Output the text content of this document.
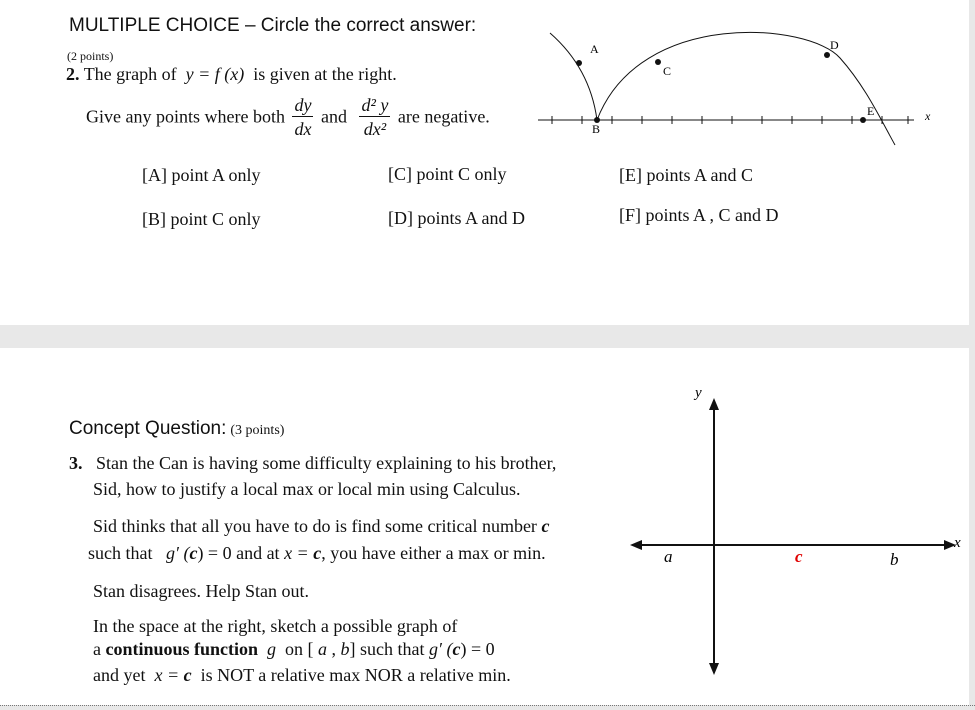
MULTIPLE CHOICE – Circle the correct answer:
(2 points)
2. The graph of y = f (x) is given at the right.
Give any points where both $\frac{dy}{dx}$ and $\frac{\text{d² y}}{\text{dx²}}$ are negative.
[A] point A only
[B] point C only
[C] point C only
[D] points A and D
[E] points A and C
[F] points A , C and D
A
B
C
D
E	x
Concept Question: (3 points)
3. Stan the Can is having some difficulty explaining to his brother,
Sid, how to justify a local max or local min using Calculus.
Sid thinks that all you have to do is find some critical number c
such that g′ (c) = 0 and at x = c, you have either a max or min.
Stan disagrees. Help Stan out.
In the space at the right, sketch a possible graph of
a continuous function g on [ a , b] such that g′ (c) = 0
and yet x = c is NOT a relative max NOR a relative min.
y
x
a	c	b
